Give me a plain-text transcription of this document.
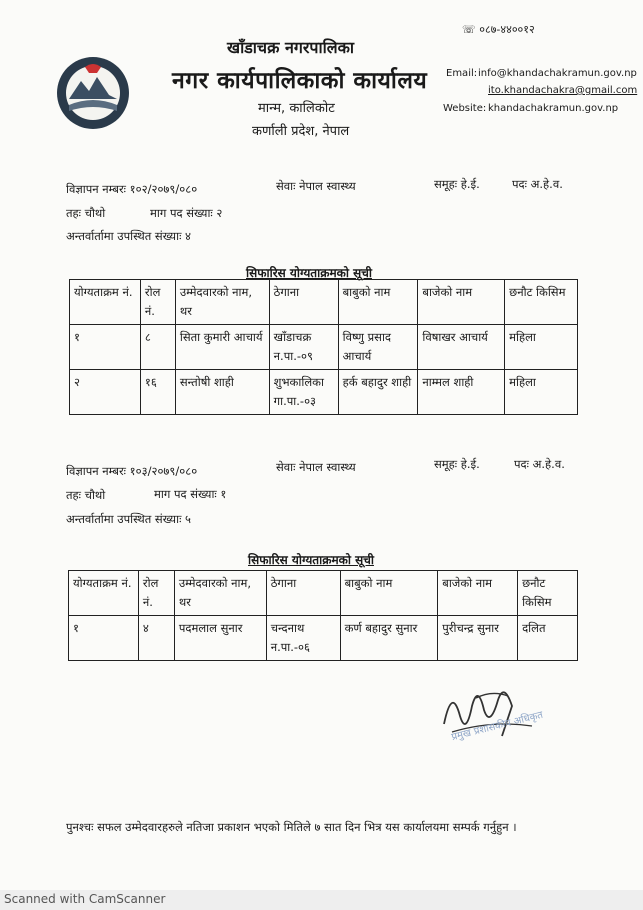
☏ ०८७-४४००१२
खाँडाचक्र नगरपालिका
नगर कार्यपालिकाको कार्यालय
मान्म, कालिकोट
कर्णाली प्रदेश, नेपाल
Email: info@khandachakramun.gov.np
ito.khandachakra@gmail.com
Website: khandachakramun.gov.np
विज्ञापन नम्बरः १०२/२०७९/०८०	सेवाः नेपाल स्वास्थ्य	समूहः हे.ई.	पदः अ.हे.व.
तहः चौथो	माग पद संख्याः २
अन्तर्वार्तामा उपस्थित संख्याः ४
सिफारिस योग्यताक्रमको सूची
योग्यताक्रम नं.	रोल नं.	उम्मेदवारको नाम, थर	ठेगाना	बाबुको नाम	बाजेको नाम	छनौट किसिम
१	८	सिता कुमारी आचार्य	खाँडाचक्र न.पा.-०९	विष्णु प्रसाद आचार्य	विषाखर आचार्य	महिला
२	१६	सन्तोषी शाही	शुभकालिका गा.पा.-०३	हर्क बहादुर शाही	नाम्मल शाही	महिला
विज्ञापन नम्बरः १०३/२०७९/०८०	सेवाः नेपाल स्वास्थ्य	समूहः हे.ई.	पदः अ.हे.व.
तहः चौथो	माग पद संख्याः १
अन्तर्वार्तामा उपस्थित संख्याः ५
सिफारिस योग्यताक्रमको सूची
योग्यताक्रम नं.	रोल नं.	उम्मेदवारको नाम, थर	ठेगाना	बाबुको नाम	बाजेको नाम	छनौट किसिम
१	४	पदमलाल सुनार	चन्दनाथ न.पा.-०६	कर्ण बहादुर सुनार	पुरीचन्द्र सुनार	दलित
प्रमुख प्रशासकीय अधिकृत
पुनश्चः सफल उम्मेदवारहरुले नतिजा प्रकाशन भएको मितिले ७ सात दिन भित्र यस कार्यालयमा सम्पर्क गर्नुहुन ।
Scanned with CamScanner
